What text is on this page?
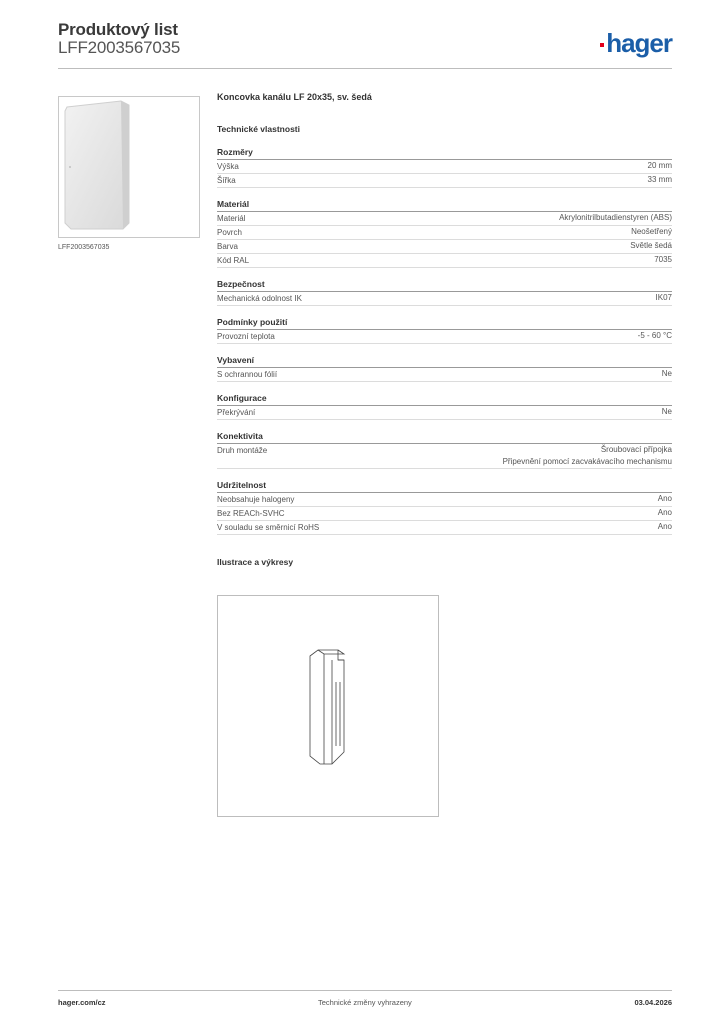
Produktový list
LFF2003567035	hager
LFF2003567035
Koncovka kanálu LF 20x35, sv. šedá
Technické vlastnosti
Rozměry
Výška	20 mm
Šířka	33 mm
Materiál
Materiál	Akrylonitrilbutadienstyren (ABS)
Povrch	Neošetřený
Barva	Světle šedá
Kód RAL	7035
Bezpečnost
Mechanická odolnost IK	IK07
Podmínky použití
Provozní teplota	-5 - 60 °C
Vybavení
S ochrannou fólií	Ne
Konfigurace
Překrývání	Ne
Konektivita
Druh montáže	Šroubovací přípojka
Připevnění pomocí zacvakávacího mechanismu
Udržitelnost
Neobsahuje halogeny	Ano
Bez REACh-SVHC	Ano
V souladu se směrnicí RoHS	Ano
Ilustrace a výkresy
hager.com/cz	Technické změny vyhrazeny	03.04.2026
